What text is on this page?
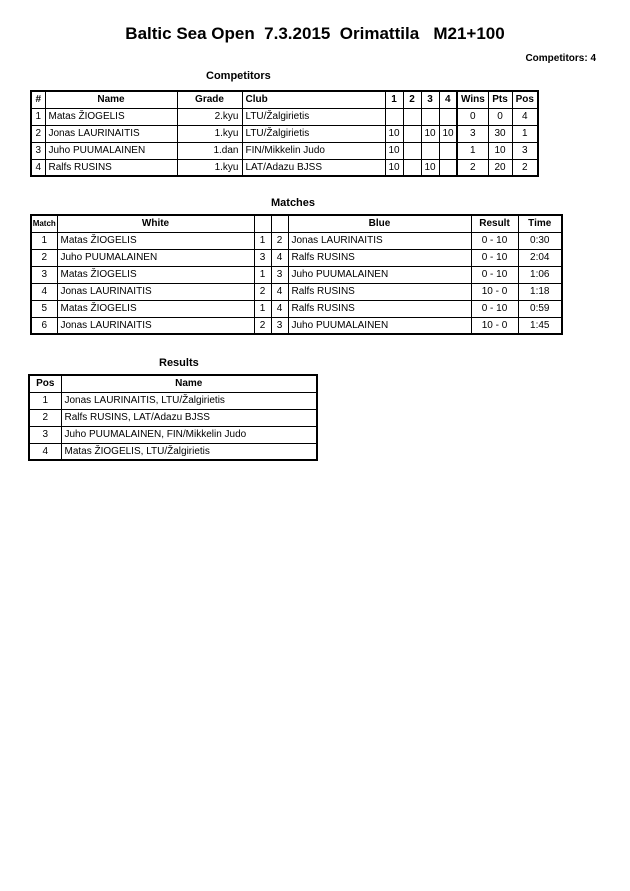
Baltic Sea Open  7.3.2015  Orimattila   M21+100
Competitors: 4
Competitors
#	Name	Grade	Club	1	2	3	4	Wins	Pts	Pos
1	Matas ŽIOGELIS	2.kyu	LTU/Žalgirietis					0	0	4
2	Jonas LAURINAITIS	1.kyu	LTU/Žalgirietis	10		10	10	3	30	1
3	Juho PUUMALAINEN	1.dan	FIN/Mikkelin Judo	10				1	10	3
4	Ralfs RUSINS	1.kyu	LAT/Adazu BJSS	10		10		2	20	2
Matches
Match	White			Blue	Result	Time
1	Matas ŽIOGELIS	1	2	Jonas LAURINAITIS	0 - 10	0:30
2	Juho PUUMALAINEN	3	4	Ralfs RUSINS	0 - 10	2:04
3	Matas ŽIOGELIS	1	3	Juho PUUMALAINEN	0 - 10	1:06
4	Jonas LAURINAITIS	2	4	Ralfs RUSINS	10 - 0	1:18
5	Matas ŽIOGELIS	1	4	Ralfs RUSINS	0 - 10	0:59
6	Jonas LAURINAITIS	2	3	Juho PUUMALAINEN	10 - 0	1:45
Results
Pos	Name
1	Jonas LAURINAITIS, LTU/Žalgirietis
2	Ralfs RUSINS, LAT/Adazu BJSS
3	Juho PUUMALAINEN, FIN/Mikkelin Judo
4	Matas ŽIOGELIS, LTU/Žalgirietis
